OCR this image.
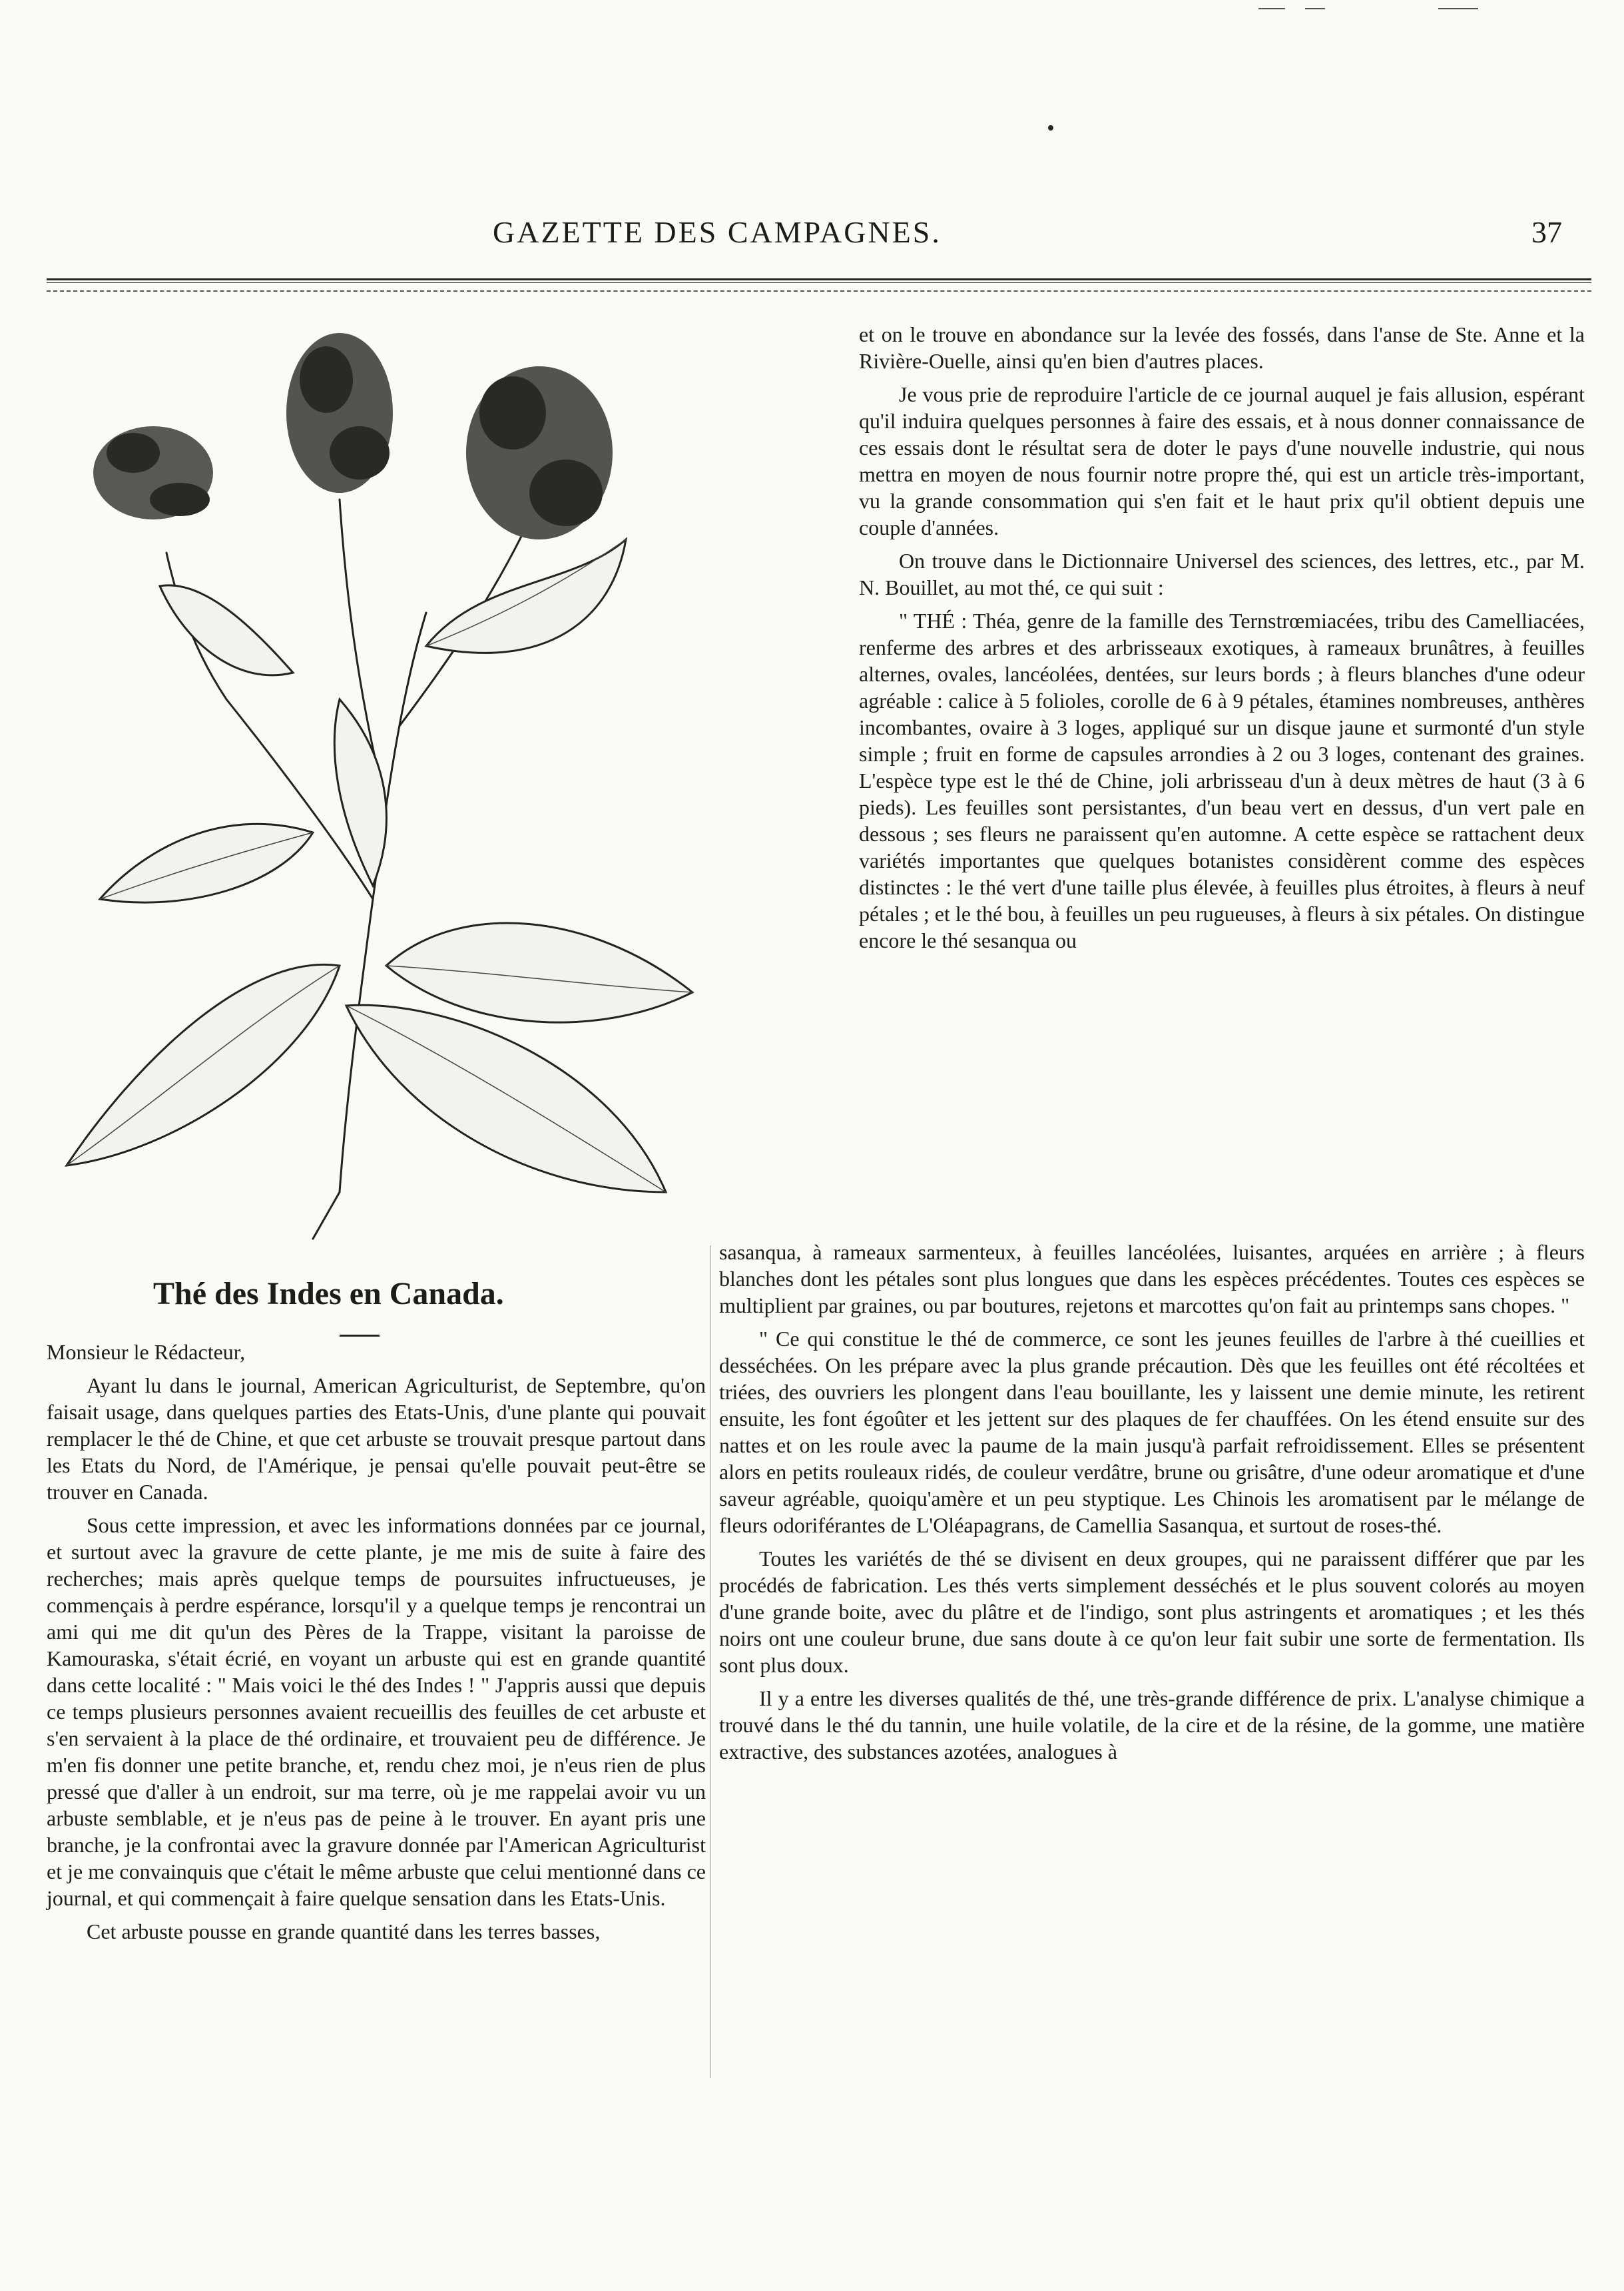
GAZETTE DES CAMPAGNES.	37
Thé des Indes en Canada.

Monsieur le Rédacteur,

Ayant lu dans le journal, American Agriculturist, de Septembre, qu'on faisait usage, dans quelques parties des Etats-Unis, d'une plante qui pouvait remplacer le thé de Chine, et que cet arbuste se trouvait presque partout dans les Etats du Nord, de l'Amérique, je pensai qu'elle pouvait peut-être se trouver en Canada.

Sous cette impression, et avec les informations données par ce journal, et surtout avec la gravure de cette plante, je me mis de suite à faire des recherches; mais après quelque temps de poursuites infructueuses, je commençais à perdre espérance, lorsqu'il y a quelque temps je rencontrai un ami qui me dit qu'un des Pères de la Trappe, visitant la paroisse de Kamouraska, s'était écrié, en voyant un arbuste qui est en grande quantité dans cette localité : " Mais voici le thé des Indes ! " J'appris aussi que depuis ce temps plusieurs personnes avaient recueillis des feuilles de cet arbuste et s'en servaient à la place de thé ordinaire, et trouvaient peu de différence. Je m'en fis donner une petite branche, et, rendu chez moi, je n'eus rien de plus pressé que d'aller à un endroit, sur ma terre, où je me rappelai avoir vu un arbuste semblable, et je n'eus pas de peine à le trouver. En ayant pris une branche, je la confrontai avec la gravure donnée par l'American Agriculturist et je me convainquis que c'était le même arbuste que celui mentionné dans ce journal, et qui commençait à faire quelque sensation dans les Etats-Unis.

Cet arbuste pousse en grande quantité dans les terres basses,

et on le trouve en abondance sur la levée des fossés, dans l'anse de Ste. Anne et la Rivière-Ouelle, ainsi qu'en bien d'autres places.

Je vous prie de reproduire l'article de ce journal auquel je fais allusion, espérant qu'il induira quelques personnes à faire des essais, et à nous donner connaissance de ces essais dont le résultat sera de doter le pays d'une nouvelle industrie, qui nous mettra en moyen de nous fournir notre propre thé, qui est un article très-important, vu la grande consommation qui s'en fait et le haut prix qu'il obtient depuis une couple d'années.

On trouve dans le Dictionnaire Universel des sciences, des lettres, etc., par M. N. Bouillet, au mot thé, ce qui suit :

" THÉ : Théa, genre de la famille des Ternstrœmiacées, tribu des Camelliacées, renferme des arbres et des arbrisseaux exotiques, à rameaux brunâtres, à feuilles alternes, ovales, lancéolées, dentées, sur leurs bords ; à fleurs blanches d'une odeur agréable : calice à 5 folioles, corolle de 6 à 9 pétales, étamines nombreuses, anthères incombantes, ovaire à 3 loges, appliqué sur un disque jaune et surmonté d'un style simple ; fruit en forme de capsules arrondies à 2 ou 3 loges, contenant des graines. L'espèce type est le thé de Chine, joli arbrisseau d'un à deux mètres de haut (3 à 6 pieds). Les feuilles sont persistantes, d'un beau vert en dessus, d'un vert pale en dessous ; ses fleurs ne paraissent qu'en automne. A cette espèce se rattachent deux variétés importantes que quelques botanistes considèrent comme des espèces distinctes : le thé vert d'une taille plus élevée, à feuilles plus étroites, à fleurs à neuf pétales ; et le thé bou, à feuilles un peu rugueuses, à fleurs à six pétales. On distingue encore le thé sesanqua ou

sasanqua, à rameaux sarmenteux, à feuilles lancéolées, luisantes, arquées en arrière ; à fleurs blanches dont les pétales sont plus longues que dans les espèces précédentes. Toutes ces espèces se multiplient par graines, ou par boutures, rejetons et marcottes qu'on fait au printemps sans chopes. "

" Ce qui constitue le thé de commerce, ce sont les jeunes feuilles de l'arbre à thé cueillies et desséchées. On les prépare avec la plus grande précaution. Dès que les feuilles ont été récoltées et triées, des ouvriers les plongent dans l'eau bouillante, les y laissent une demie minute, les retirent ensuite, les font égoûter et les jettent sur des plaques de fer chauffées. On les étend ensuite sur des nattes et on les roule avec la paume de la main jusqu'à parfait refroidissement. Elles se présentent alors en petits rouleaux ridés, de couleur verdâtre, brune ou grisâtre, d'une odeur aromatique et d'une saveur agréable, quoiqu'amère et un peu styptique. Les Chinois les aromatisent par le mélange de fleurs odoriférantes de L'Oléapagrans, de Camellia Sasanqua, et surtout de roses-thé.

Toutes les variétés de thé se divisent en deux groupes, qui ne paraissent différer que par les procédés de fabrication. Les thés verts simplement desséchés et le plus souvent colorés au moyen d'une grande boite, avec du plâtre et de l'indigo, sont plus astringents et aromatiques ; et les thés noirs ont une couleur brune, due sans doute à ce qu'on leur fait subir une sorte de fermentation. Ils sont plus doux.

Il y a entre les diverses qualités de thé, une très-grande différence de prix. L'analyse chimique a trouvé dans le thé du tannin, une huile volatile, de la cire et de la résine, de la gomme, une matière extractive, des substances azotées, analogues à
